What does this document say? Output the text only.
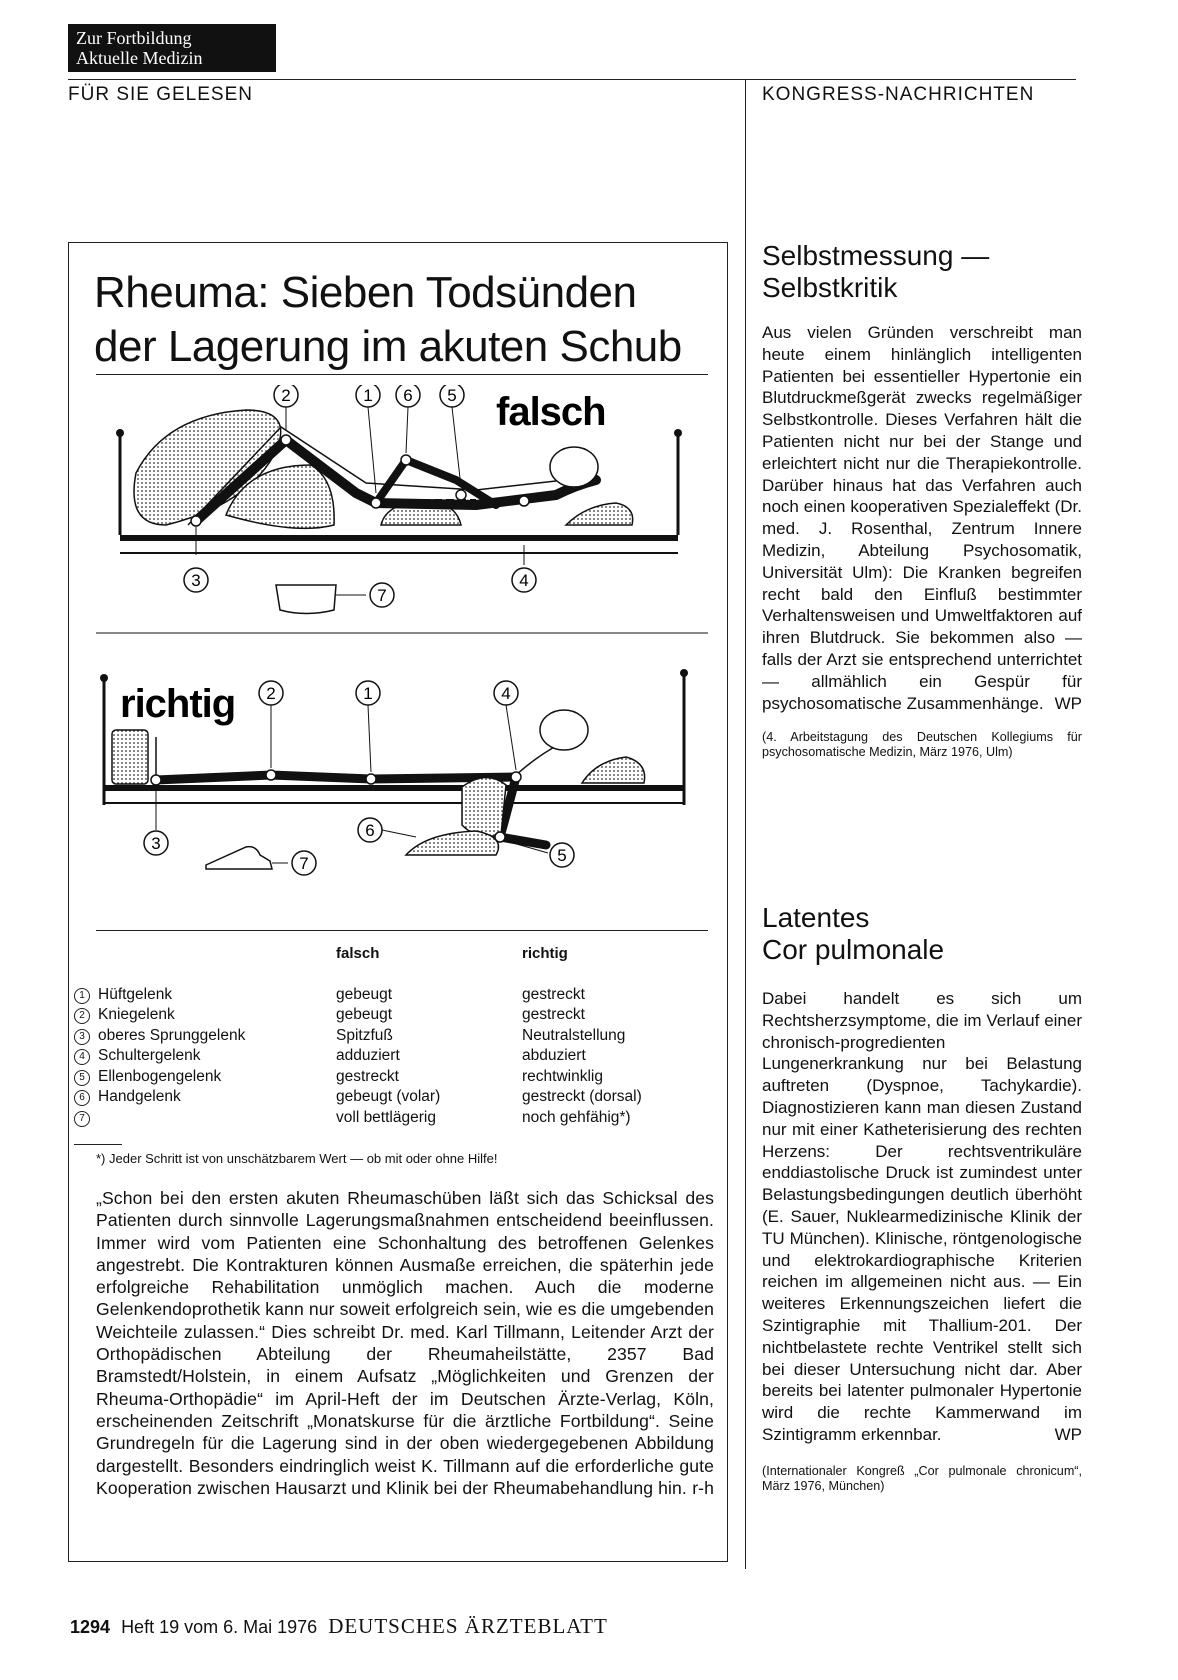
Zur Fortbildung
Aktuelle Medizin
FÜR SIE GELESEN	KONGRESS-NACHRICHTEN
Rheuma: Sieben Todsünden
der Lagerung im akuten Schub
2	1 6 5 falsch
3	4
7
richtig 2	1	4
3
6
5
7
falsch	richtig
1 Hüftgelenk	gebeugt	gestreckt
2 Kniegelenk	gebeugt	gestreckt
3 oberes Sprunggelenk	Spitzfuß	Neutralstellung
4 Schultergelenk	adduziert	abduziert
5 Ellenbogengelenk	gestreckt	rechtwinklig
6 Handgelenk	gebeugt (volar)	gestreckt (dorsal)
7	voll bettlägerig	noch gehfähig*)
*) Jeder Schritt ist von unschätzbarem Wert — ob mit oder ohne Hilfe!
„Schon bei den ersten akuten Rheumaschüben läßt sich das Schicksal des Patienten durch sinnvolle Lagerungsmaßnahmen entscheidend beeinflussen. Immer wird vom Patienten eine Schonhaltung des betroffenen Gelenkes angestrebt. Die Kontrakturen können Ausmaße erreichen, die späterhin jede erfolgreiche Rehabilitation unmöglich machen. Auch die moderne Gelenkendoprothetik kann nur soweit erfolgreich sein, wie es die umgebenden Weichteile zulassen.“ Dies schreibt Dr. med. Karl Tillmann, Leitender Arzt der Orthopädischen Abteilung der Rheumaheilstätte, 2357 Bad Bramstedt/Holstein, in einem Aufsatz „Möglichkeiten und Grenzen der Rheuma-Orthopädie“ im April-Heft der im Deutschen Ärzte-Verlag, Köln, erscheinenden Zeitschrift „Monatskurse für die ärztliche Fortbildung“. Seine Grundregeln für die Lagerung sind in der oben wiedergegebenen Abbildung dargestellt. Besonders eindringlich weist K. Tillmann auf die erforderliche gute Kooperation zwischen Hausarzt und Klinik bei der Rheumabehandlung hin. r-h
Selbstmessung —
Selbstkritik
Aus vielen Gründen verschreibt man heute einem hinlänglich intelligenten Patienten bei essentieller Hypertonie ein Blutdruckmeßgerät zwecks regelmäßiger Selbstkontrolle. Dieses Verfahren hält die Patienten nicht nur bei der Stange und erleichtert nicht nur die Therapiekontrolle. Darüber hinaus hat das Verfahren auch noch einen kooperativen Spezialeffekt (Dr. med. J. Rosenthal, Zentrum Innere Medizin, Abteilung Psychosomatik, Universität Ulm): Die Kranken begreifen recht bald den Einfluß bestimmter Verhaltensweisen und Umweltfaktoren auf ihren Blutdruck. Sie bekommen also — falls der Arzt sie entsprechend unterrichtet — allmählich ein Gespür für psychosomatische Zusammenhänge. WP
(4. Arbeitstagung des Deutschen Kollegiums für psychosomatische Medizin, März 1976, Ulm)
Latentes
Cor pulmonale
Dabei handelt es sich um Rechtsherzsymptome, die im Verlauf einer chronisch-progredienten Lungenerkrankung nur bei Belastung auftreten (Dyspnoe, Tachykardie). Diagnostizieren kann man diesen Zustand nur mit einer Katheterisierung des rechten Herzens: Der rechtsventrikuläre enddiastolische Druck ist zumindest unter Belastungsbedingungen deutlich überhöht (E. Sauer, Nuklearmedizinische Klinik der TU München). Klinische, röntgenologische und elektrokardiographische Kriterien reichen im allgemeinen nicht aus. — Ein weiteres Erkennungszeichen liefert die Szintigraphie mit Thallium-201. Der nichtbelastete rechte Ventrikel stellt sich bei dieser Untersuchung nicht dar. Aber bereits bei latenter pulmonaler Hypertonie wird die rechte Kammerwand im Szintigramm erkennbar.	WP
(Internationaler Kongreß „Cor pulmonale chronicum“, März 1976, München)
1294 Heft 19 vom 6. Mai 1976 DEUTSCHES ÄRZTEBLATT
